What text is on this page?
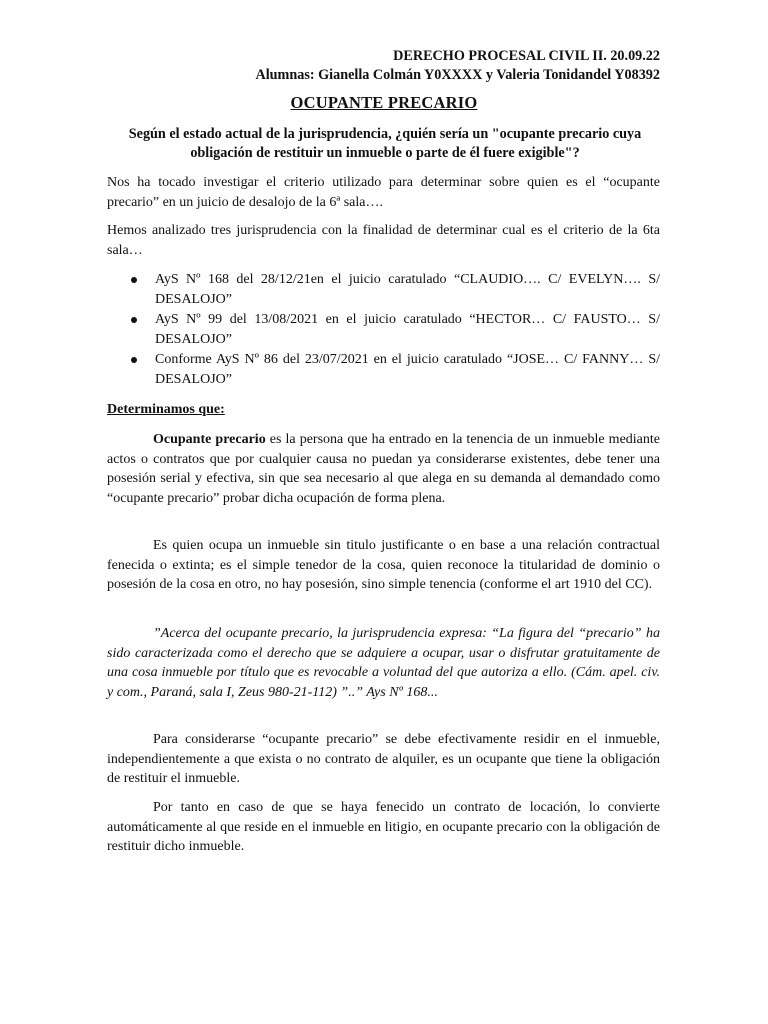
DERECHO PROCESAL CIVIL II. 20.09.22
Alumnas: Gianella Colmán Y0XXXX y Valeria Tonidandel Y08392
OCUPANTE PRECARIO
Según el estado actual de la jurisprudencia, ¿quién sería un "ocupante precario cuya obligación de restituir un inmueble o parte de él fuere exigible"?
Nos ha tocado investigar el criterio utilizado para determinar sobre quien es el “ocupante precario” en un juicio de desalojo de la 6ª sala….
Hemos analizado tres jurisprudencia con la finalidad de determinar cual es el criterio de la 6ta sala…
AyS Nº 168 del 28/12/21en el juicio caratulado “CLAUDIO…. C/ EVELYN…. S/ DESALOJO”
AyS Nº 99 del 13/08/2021 en el juicio caratulado “HECTOR… C/ FAUSTO… S/ DESALOJO”
Conforme AyS Nº 86 del 23/07/2021 en el juicio caratulado “JOSE… C/ FANNY… S/ DESALOJO”
Determinamos que:
Ocupante precario es la persona que ha entrado en la tenencia de un inmueble mediante actos o contratos que por cualquier causa no puedan ya considerarse existentes, debe tener una posesión serial y efectiva, sin que sea necesario al que alega en su demanda al demandado como “ocupante precario” probar dicha ocupación de forma plena.
Es quien ocupa un inmueble sin titulo justificante o en base a una relación contractual fenecida o extinta; es el simple tenedor de la cosa, quien reconoce la titularidad de dominio o posesión de la cosa en otro, no hay posesión, sino simple tenencia (conforme el art 1910 del CC).
”Acerca del ocupante precario, la jurisprudencia expresa: “La figura del “precario” ha sido caracterizada como el derecho que se adquiere a ocupar, usar o disfrutar gratuitamente de una cosa inmueble por título que es revocable a voluntad del que autoriza a ello. (Cám. apel. civ. y com., Paraná, sala I, Zeus 980-21-112) ”..” Ays Nº 168...
Para considerarse “ocupante precario” se debe efectivamente residir en el inmueble, independientemente a que exista o no contrato de alquiler, es un ocupante que tiene la obligación de restituir el inmueble.
Por tanto en caso de que se haya fenecido un contrato de locación, lo convierte automáticamente al que reside en el inmueble en litigio, en ocupante precario con la obligación de restituir dicho inmueble.
